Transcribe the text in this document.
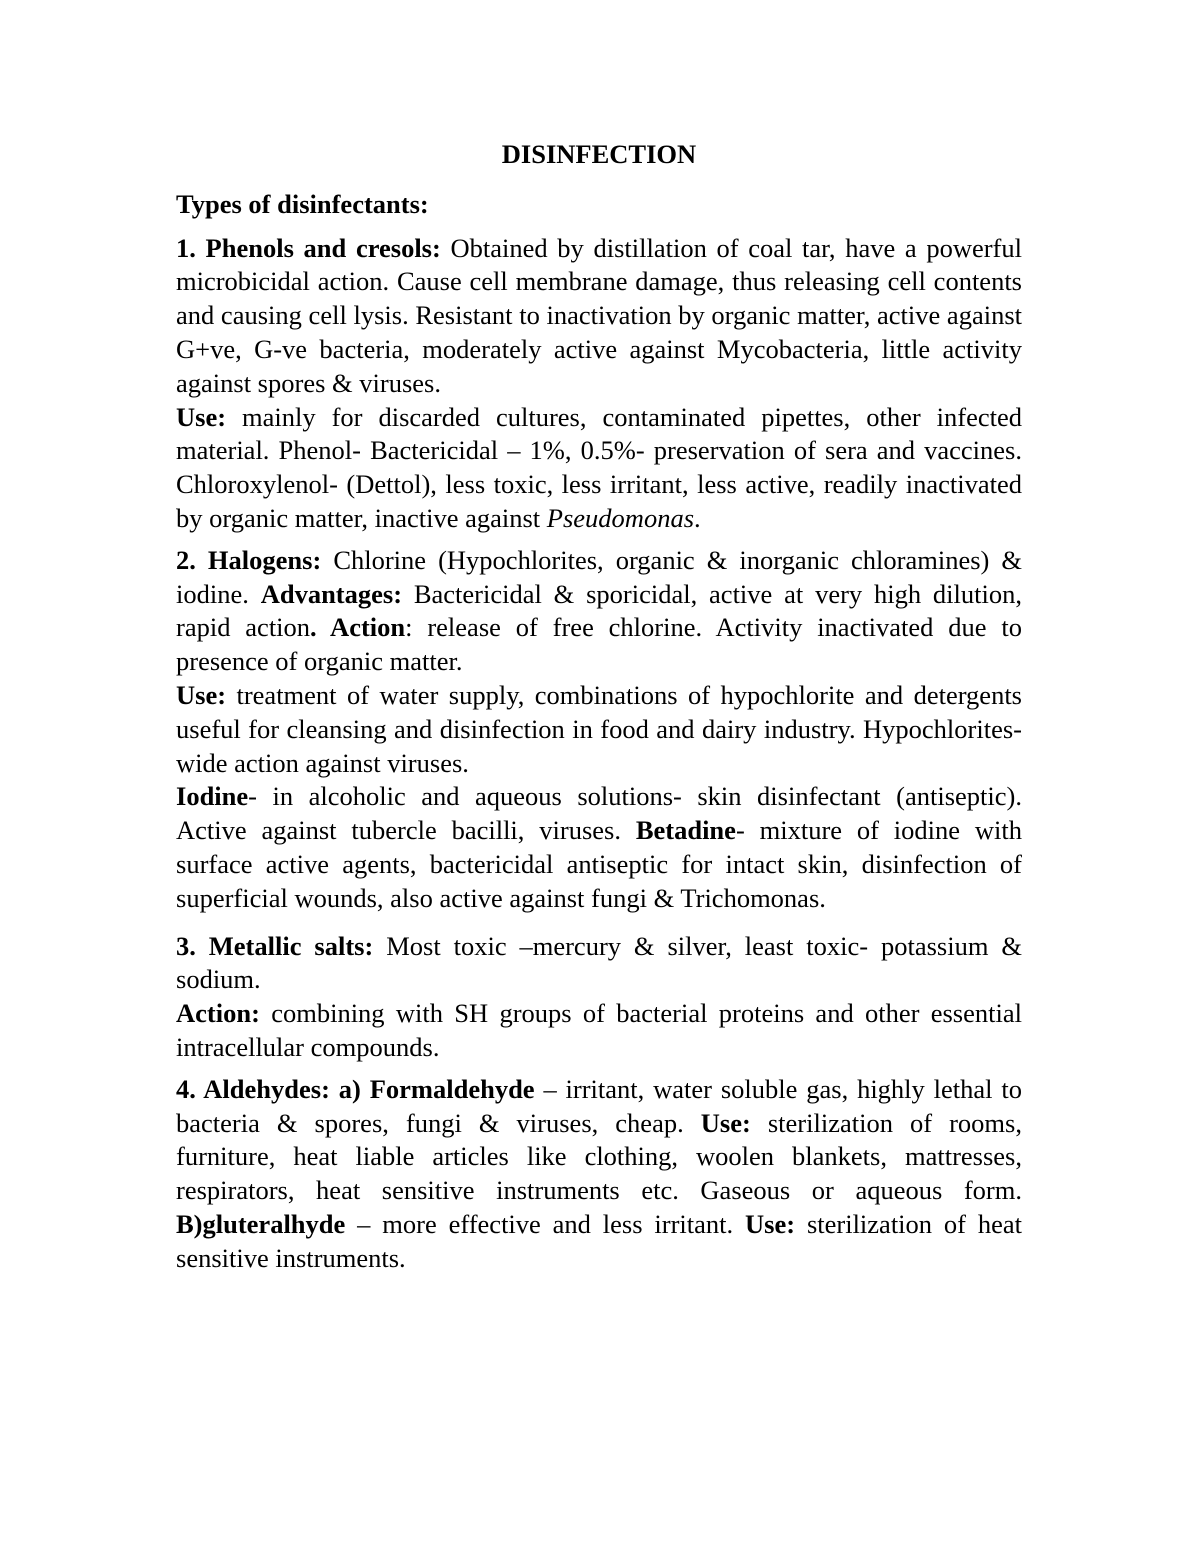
DISINFECTION
Types of disinfectants:

1. Phenols and cresols: Obtained by distillation of coal tar, have a powerful microbicidal action. Cause cell membrane damage, thus releasing cell contents and causing cell lysis. Resistant to inactivation by organic matter, active against G+ve, G-ve bacteria, moderately active against Mycobacteria, little activity against spores & viruses.

Use: mainly for discarded cultures, contaminated pipettes, other infected material. Phenol- Bactericidal – 1%, 0.5%- preservation of sera and vaccines. Chloroxylenol- (Dettol), less toxic, less irritant, less active, readily inactivated by organic matter, inactive against Pseudomonas.

2. Halogens: Chlorine (Hypochlorites, organic & inorganic chloramines) & iodine. Advantages: Bactericidal & sporicidal, active at very high dilution, rapid action. Action: release of free chlorine. Activity inactivated due to presence of organic matter.

Use: treatment of water supply, combinations of hypochlorite and detergents useful for cleansing and disinfection in food and dairy industry. Hypochlorites- wide action against viruses.

Iodine- in alcoholic and aqueous solutions- skin disinfectant (antiseptic). Active against tubercle bacilli, viruses. Betadine- mixture of iodine with surface active agents, bactericidal antiseptic for intact skin, disinfection of superficial wounds, also active against fungi & Trichomonas.

3. Metallic salts: Most toxic –mercury & silver, least toxic- potassium & sodium.

Action: combining with SH groups of bacterial proteins and other essential intracellular compounds.

4. Aldehydes: a) Formaldehyde – irritant, water soluble gas, highly lethal to bacteria & spores, fungi & viruses, cheap. Use: sterilization of rooms, furniture, heat liable articles like clothing, woolen blankets, mattresses, respirators, heat sensitive instruments etc. Gaseous or aqueous form. B)gluteralhyde – more effective and less irritant. Use: sterilization of heat sensitive instruments.
